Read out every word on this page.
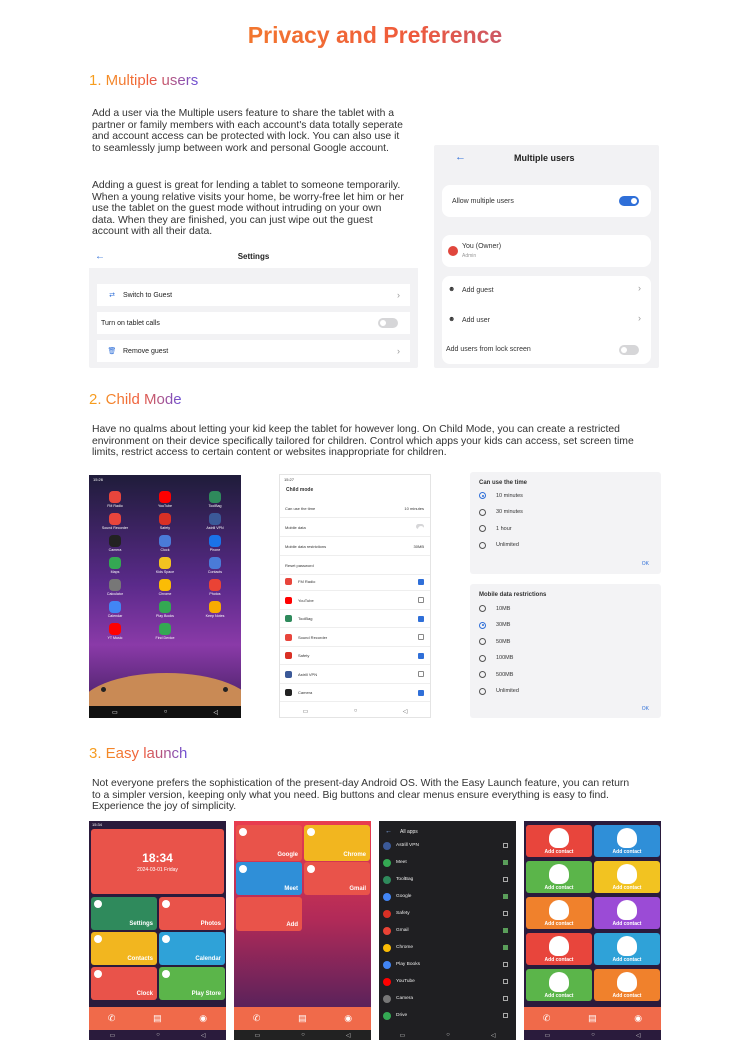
Privacy and Preference
1. Multiple users
Add a user via the Multiple users feature to share the tablet with a partner or family members with each account's data totally seperate and account access can be protected with lock. You can also use it to seamlessly jump between work and personal Google account.
Adding a guest is great for lending a tablet to someone temporarily. When a young relative visits your home, be worry-free let him or her use the tablet on the guest mode without intruding on your own data. When they are finished, you can just wipe out the guest account with all their data.
←	Settings
⇄ Switch to Guest	›
Turn on tablet calls
🗑 Remove guest	›
←	Multiple users
Allow multiple users
You (Owner)
Admin
☻ Add guest	›
☻ Add user	›
Add users from lock screen
2. Child Mode
Have no qualms about letting your kid keep the tablet for however long. On Child Mode, you can create a restricted environment on their device specifically tailored for children. Control which apps your kids can access, set screen time limits, restrict access to certain content or websites inappropriate for children.
15:26
FM Radio	YouTube	ToolBag
Sound Recorder	Safety	Astrill VPN
Camera	Clock	Phone
Maps	Kids Space	Contacts
Calculator	Chrome	Photos
Calendar	Play Books	Keep Notes
YT Music	Find Device
▭	○	◁
15:27
Child mode
Can use the time	10 minutes
Mobile data
Mobile data restrictions	30MB
Reset password
FM Radio
YouTube
ToolBag
Sound Recorder
Safety
Astrill VPN
Camera
▭	○	◁
Can use the time
10 minutes
30 minutes
1 hour
Unlimited
OK
Mobile data restrictions
10MB
30MB
50MB
100MB
500MB
Unlimited
OK
3. Easy launch
Not everyone prefers the sophistication of the present-day Android OS. With the Easy Launch feature, you can return to a simpler version, keeping only what you need. Big buttons and clear menus ensure everything is easy to find. Experience the joy of simplicity.
15:34
18:34
2024-03-01 Friday
Settings	Photos
Contacts	Calendar
Clock	Play Store
✆	▤	◉
▭	○	◁
Google	Chrome
Meet	Gmail
Add
✆	▤	◉
▭	○	◁
← All apps
Astrill VPN
Meet
ToolBag
Google
Safety
Gmail
Chrome
Play Books
YouTube
Camera
Drive
▭	○	◁
Add contact	Add contact
Add contact	Add contact
Add contact	Add contact
Add contact	Add contact
Add contact	Add contact
✆	▤	◉
▭	○	◁
